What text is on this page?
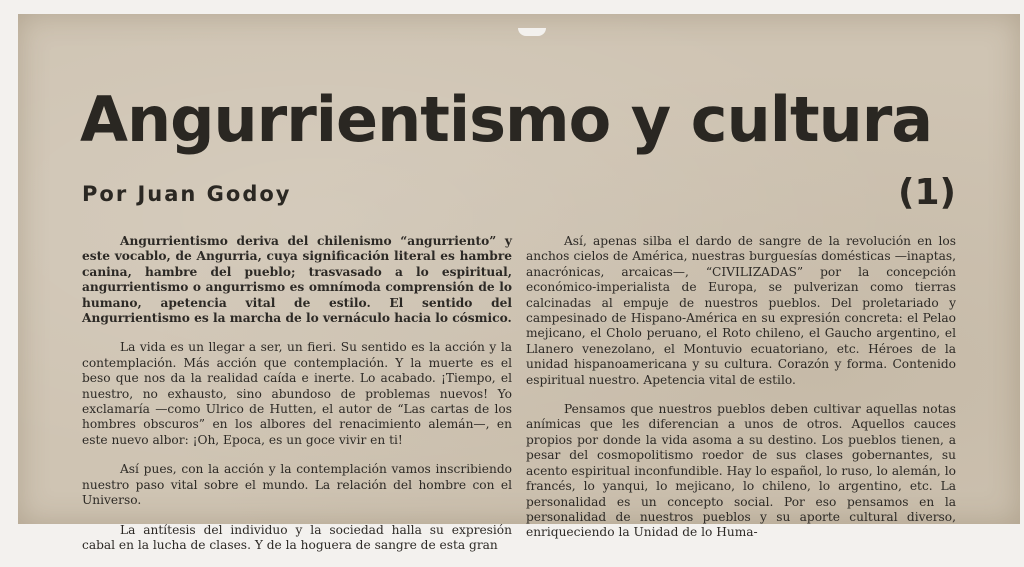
Angurrientismo y cultura
Por Juan Godoy	(1)

Angurrientismo deriva del chilenismo “angurriento” y este vocablo, de Angurria, cuya significación literal es hambre canina, hambre del pueblo; trasvasado a lo espiritual, angurrientismo o angurrismo es omnímoda comprensión de lo humano, apetencia vital de estilo. El sentido del Angurrientismo es la marcha de lo vernáculo hacia lo cósmico.

La vida es un llegar a ser, un fieri. Su sentido es la acción y la contemplación. Más acción que contemplación. Y la muerte es el beso que nos da la realidad caída e inerte. Lo acabado. ¡Tiempo, el nuestro, no exhausto, sino abundoso de problemas nuevos! Yo exclamaría —como Ulrico de Hutten, el autor de “Las cartas de los hombres obscuros” en los albores del renacimiento alemán—, en este nuevo albor: ¡Oh, Epoca, es un goce vivir en ti!

Así pues, con la acción y la contemplación vamos inscribiendo nuestro paso vital sobre el mundo. La relación del hombre con el Universo.

La antítesis del individuo y la sociedad halla su expresión cabal en la lucha de clases. Y de la hoguera de sangre de esta gran

Así, apenas silba el dardo de sangre de la revolución en los anchos cielos de América, nuestras burguesías domésticas —inaptas, anacrónicas, arcaicas—, “CIVILIZADAS” por la concepción económico-imperialista de Europa, se pulverizan como tierras calcinadas al empuje de nuestros pueblos. Del proletariado y campesinado de Hispano-América en su expresión concreta: el Pelao mejicano, el Cholo peruano, el Roto chileno, el Gaucho argentino, el Llanero venezolano, el Montuvio ecuatoriano, etc. Héroes de la unidad hispanoamericana y su cultura. Corazón y forma. Contenido espiritual nuestro. Apetencia vital de estilo.

Pensamos que nuestros pueblos deben cultivar aquellas notas anímicas que les diferencian a unos de otros. Aquellos cauces propios por donde la vida asoma a su destino. Los pueblos tienen, a pesar del cosmopolitismo roedor de sus clases gobernantes, su acento espiritual inconfundible. Hay lo español, lo ruso, lo alemán, lo francés, lo yanqui, lo mejicano, lo chileno, lo argentino, etc. La personalidad es un concepto social. Por eso pensamos en la personalidad de nuestros pueblos y su aporte cultural diverso, enriqueciendo la Unidad de lo Huma-
